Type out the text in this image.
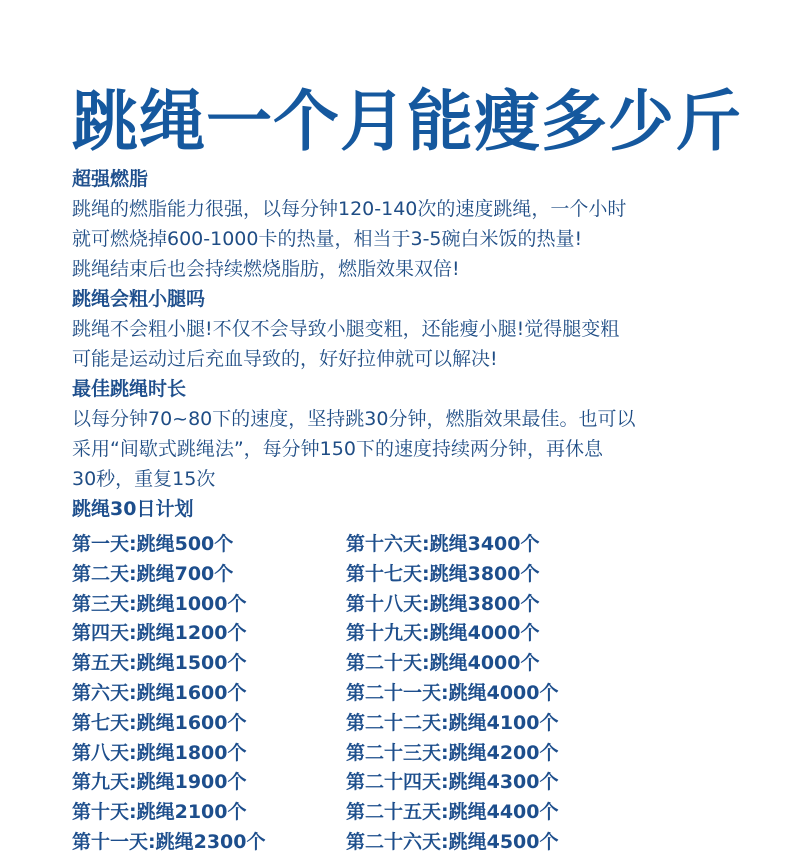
跳绳一个月能瘦多少斤

超强燃脂

跳绳的燃脂能力很强，以每分钟120-140次的速度跳绳，一个小时

就可燃烧掉600-1000卡的热量，相当于3-5碗白米饭的热量!

跳绳结束后也会持续燃烧脂肪，燃脂效果双倍!

跳绳会粗小腿吗

跳绳不会粗小腿!不仅不会导致小腿变粗，还能瘦小腿!觉得腿变粗

可能是运动过后充血导致的，好好拉伸就可以解决!

最佳跳绳时长

以每分钟70~80下的速度，坚持跳30分钟，燃脂效果最佳。也可以

采用“间歇式跳绳法”，每分钟150下的速度持续两分钟，再休息

30秒，重复15次

跳绳30日计划

第一天:跳绳500个
第二天:跳绳700个
第三天:跳绳1000个
第四天:跳绳1200个
第五天:跳绳1500个
第六天:跳绳1600个
第七天:跳绳1600个
第八天:跳绳1800个
第九天:跳绳1900个
第十天:跳绳2100个
第十一天:跳绳2300个
第十六天:跳绳3400个
第十七天:跳绳3800个
第十八天:跳绳3800个
第十九天:跳绳4000个
第二十天:跳绳4000个
第二十一天:跳绳4000个
第二十二天:跳绳4100个
第二十三天:跳绳4200个
第二十四天:跳绳4300个
第二十五天:跳绳4400个
第二十六天:跳绳4500个
